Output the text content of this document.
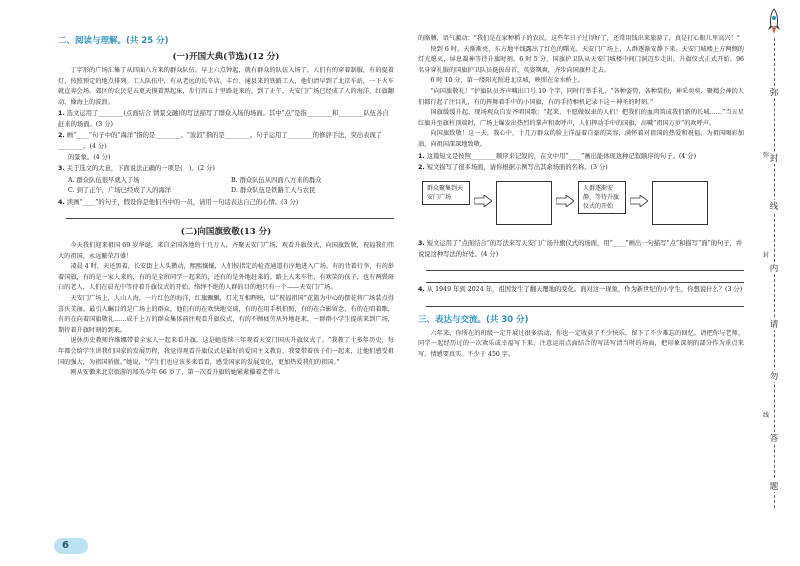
二、阅读与理解。(共 25 分)
(一)开国大典(节选)(12 分)

丁字形的广场汇集了从四面八方来的群众队伍。早上六点钟起，就有群众的队伍入场了。人们有的穿着制服，有的提着灯，按照预定的地点排列。工人队伍中，有从老远的长辛店、丰台、通县来的铁路工人，他们清早到了北京车站，一下火车就直奔会场。郊区的农民是五更天摸着黑起床，步行四五十里路赶来的。到了正午，天安门广场已经成了人的海洋，红旗翻动，像海上的波浪。

1. 选文运用了________(点面结合 情景交融)的写法描写了群众入场的场面。其中“点”是指________和________队伍各自赶来的场面。(3 分)
2. 画“____”句子中的“海洋”指的是________。“波浪”指的是________。句子运用了________的修辞手法，突出表现了________。(4 分)
的景象。(4 分)
3. 关于选文的大意，下面说法正确的一项是(　)。(2 分)
A. 群众队伍很早就入了场	B. 群众队伍从四面八方来的群众
C. 到了正午，广场已经成了人的海洋	D. 群众队伍是铁路工人与农民
4. 读画“____”的句子，假设你是他们当中的一员，请用一句话表达自己的心情。(3 分)
(二)向国旗致敬(13 分)

今天我们迎来祖国 69 岁华诞，来自全国各地的十几万人，齐聚天安门广场，观看升旗仪式，向国旗致敬，祝福我们伟大的祖国，永远繁荣昌盛！

凌晨 4 时，天还黑着，长安街上人头攒动，熙熙攘攘，人们按指定的检查通道有序地进入广场。有的背着行李，有的举着国旗，有的是一家人来的，有的是全班同学一起来的，还有的是外地赶来的。路上人来车往，有欢笑的孩子，也有两鬓斑白的老人，人们在晨光中等待着升旗仪式的开始。络绎不绝的人群的目的地只有一个——天安门广场。

天安门广场上，人山人海，一片红色的海洋，红旗飘飘，灯光互相辉映，以“祝福祖国”花篮为中心的摆花将广场装点得喜庆美丽。最引人瞩目的是广场上的群众，他们有的在欢快地交谈，有的在用手机拍照，有的在合影留念，有的在唱着歌，有的在向着国旗敬礼……成千上万的群众集体前往观看升旗仪式，有的不顾疲劳从外地赶来，一群群小学生提前来到广场，期待着升旗时刻的到来。

退休历史教师许维娜带着全家人一起来看升旗，这是她连续三年观看天安门国庆升旗仪式了。“我教了十多年历史，每年都会给学生讲我们国家的发展历程，我觉得观看升旗仪式是最好的爱国主义教育，我要带着孩子们一起来，让他们感受祖国的强大，为祖国骄傲。”她说，“学生们也应该多来看看，感受国家的发展变化，更加热爱我们的祖国。”

刚从安徽来北京旅游的郑英今年 66 岁了，第一次看升旗的她紧紧攥着老伴儿

的胳膊，语气激动：“我们是在家种稻子的农民，这些年日子过得好了，还常用钱出来旅游了，真是打心眼儿里高兴！”

快到 6 时，天渐渐亮，东方地平线露出了红色的曙光。天安门广场上，人群逐渐安静下来。天安门城楼上方两侧的灯光熄灭，屏息凝神等待升旗时刻。6 时 5 分，国旗护卫队从天安门城楼中间门洞迈步走出，升旗仪式正式开始。96 名身穿礼服的国旗护卫队员挺拔昂首，英姿飒爽，齐步向国旗杆走去。

6 时 10 分，第一缕阳光照进北京城，映照在金水桥上。

“向国旗敬礼！”护旗队员齐声喊出口号 10 个字，同时行举手礼，“各种姿势，各种装扮，神采奕奕、聚精会神的人们都行起了注目礼，有的挥舞着手中的小国旗，有的手持相机记录下这一神圣的时刻。”

国旗缓缓升起，现场观众自发齐唱国歌：“起来，不愿做奴隶的人们！把我们的血肉筑成我们新的长城……”当五星红旗升至旗杆顶端时，广场上爆发出热烈的掌声和欢呼声，人们挥动手中的国旗，高喊“祖国万岁”的欢呼声。

向国旗致敬！这一天，我心中，十几万群众的脸上洋溢着自豪的笑容，满怀着对祖国的热爱和祝福，为祖国喝彩加油，向祖国深深地致敬。

1. 这篇短文是按照________顺序来记叙的，在文中用“____”画出能体现这种记叙顺序的句子。(4 分)
2. 短文描写了很多场面，请你根据示例写出其余场面的名称。(3 分)
群众聚集到天安门广场
人群逐渐安静，等待升旗仪式的开始
3. 短文运用了“点面结合”的写法来写天安门广场升旗仪式的场面，用“____”画出一句描写“点”和描写“面”的句子，并说说这种写法的好处。(4 分)
4. 从 1949 年到 2024 年，祖国发生了翻天覆地的变化。面对这一现象，作为新世纪的小学生，你想说什么？(3 分)
三、表达与交流。(共 30 分)

六年来，你所在的班级一定开展过很多活动，你也一定收获了不少快乐，留下了不少难忘的回忆。请把你与老师、同学一起经历过的一次欢乐或幸福写下来，注意运用点面结合的写法写清当时的场面，把印象深刻的部分作为重点来写。情感要真实。不少于 450 字。

弥
封
线
内
请
勿
答
题
弥
封
线
6
